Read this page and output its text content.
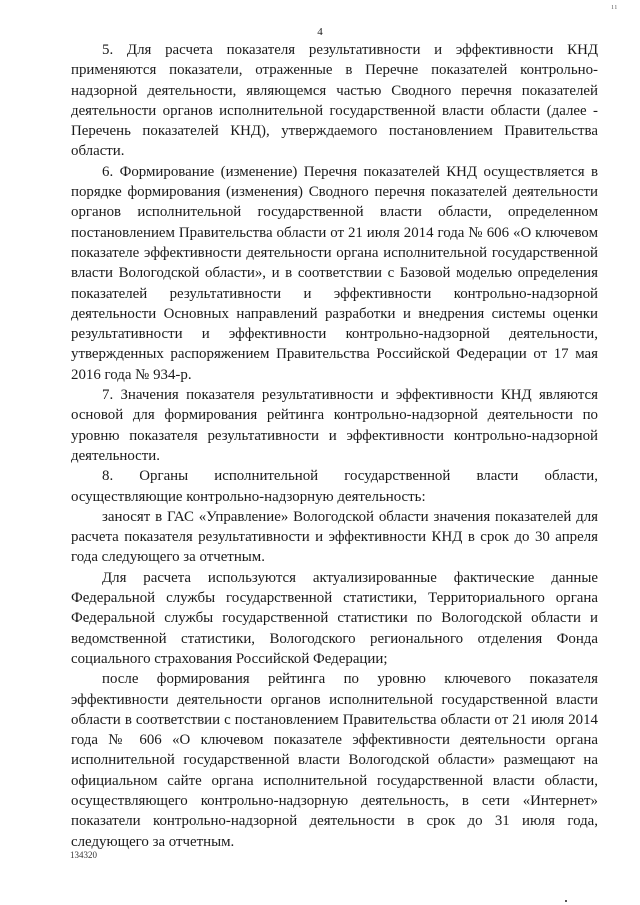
ıı
4

5. Для расчета показателя результативности и эффективности КНД применяются показатели, отраженные в Перечне показателей контрольно-надзорной деятельности, являющемся частью Сводного перечня показателей деятельности органов исполнительной государственной власти области (далее - Перечень показателей КНД), утверждаемого постановлением Правительства области.

6. Формирование (изменение) Перечня показателей КНД осуществляется в порядке формирования (изменения) Сводного перечня показателей деятельности органов исполнительной государственной власти области, определенном постановлением Правительства области от 21 июля 2014 года № 606 «О ключевом показателе эффективности деятельности органа исполнительной государственной власти Вологодской области», и в соответствии с Базовой моделью определения показателей результативности и эффективности контрольно-надзорной деятельности Основных направлений разработки и внедрения системы оценки результативности и эффективности контрольно-надзорной деятельности, утвержденных распоряжением Правительства Российской Федерации от 17 мая 2016 года № 934-р.

7. Значения показателя результативности и эффективности КНД являются основой для формирования рейтинга контрольно-надзорной деятельности по уровню показателя результативности и эффективности контрольно-надзорной деятельности.

8. Органы исполнительной государственной власти области, осуществляющие контрольно-надзорную деятельность:

заносят в ГАС «Управление» Вологодской области значения показателей для расчета показателя результативности и эффективности КНД в срок до 30 апреля года следующего за отчетным.

Для расчета используются актуализированные фактические данные Федеральной службы государственной статистики, Территориального органа Федеральной службы государственной статистики по Вологодской области и ведомственной статистики, Вологодского регионального отделения Фонда социального страхования Российской Федерации;

после формирования рейтинга по уровню ключевого показателя эффективности деятельности органов исполнительной государственной власти области в соответствии с постановлением Правительства области от 21 июля 2014 года № 606 «О ключевом показателе эффективности деятельности органа исполнительной государственной власти Вологодской области» размещают на официальном сайте органа исполнительной государственной власти области, осуществляющего контрольно-надзорную деятельность, в сети «Интернет» показатели контрольно-надзорной деятельности в срок до 31 июля года, следующего за отчетным.

134320
